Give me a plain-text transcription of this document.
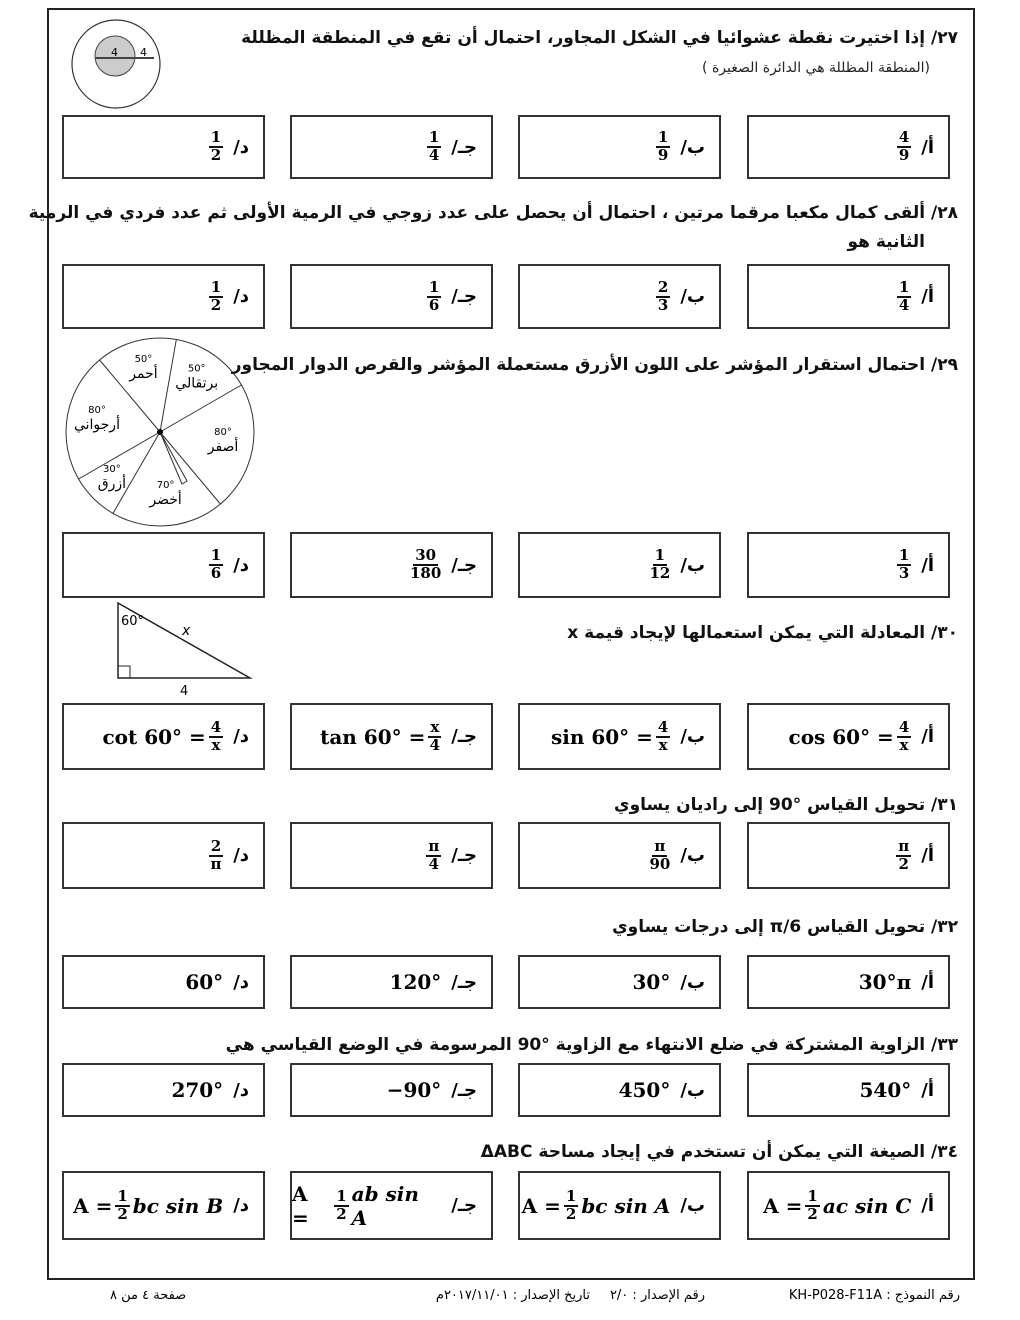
4 4
50°
أحمر	50°
برتقالي
80°
أصفر
70°
أخضر
30°
أزرق
80°
أرجواني
60°
x
4
٢٧/ إذا اختيرت نقطة عشوائيا في الشكل المجاور، احتمال أن تقع في المنطقة المظللة
(المنطقة المظللة هي الدائرة الصغيرة )
أ/
$\frac{4}{9}$
ب/
$\frac{1}{9}$
جـ/
$\frac{1}{4}$
د/
$\frac{1}{2}$
٢٨/ ألقى كمال مكعبا مرقما مرتين ، احتمال أن يحصل على عدد زوجي في الرمية الأولى ثم عدد فردي في الرمية
الثانية هو
أ/
$\frac{1}{4}$
ب/
$\frac{2}{3}$
جـ/
$\frac{1}{6}$
د/
$\frac{1}{2}$
٢٩/ احتمال استقرار المؤشر على اللون الأزرق مستعملة المؤشر والقرص الدوار المجاور
أ/
$\frac{1}{3}$
ب/
$\frac{1}{12}$
جـ/
$\frac{30}{180}$
د/
$\frac{1}{6}$
٣٠/ المعادلة التي يمكن استعمالها لإيجاد قيمة x
أ/
$\cos 60^\circ = \frac{4}{x}$
ب/
$\sin 60^\circ = \frac{4}{x}$
جـ/
$\tan 60^\circ = \frac{x}{4}$
د/
$\cot 60^\circ = \frac{4}{x}$
٣١/ تحويل القياس °90 إلى راديان يساوي
أ/
$\frac{\pi}{2}$
ب/
$\frac{\pi}{90}$
جـ/
$\frac{\pi}{4}$
د/
$\frac{2}{\pi}$
٣٢/ تحويل القياس π/6 إلى درجات يساوي
أ/
30°π
ب/
30°
جـ/
120°
د/
60°
٣٣/ الزاوية المشتركة في ضلع الانتهاء مع الزاوية °90 المرسومة في الوضع القياسي هي
أ/
540°
ب/
450°
جـ/
−90°
د/
270°
٣٤/ الصيغة التي يمكن أن تستخدم في إيجاد مساحة ΔABC
أ/
$A = \frac{1}{2}$ ac sin C
ب/
$A = \frac{1}{2}$ bc sin A
جـ/
A =	$\frac{1}{2}$ ab sin A
د/
$A = \frac{1}{2}$ bc sin B
رقم النموذج : KH-P028-F11A
رقم الإصدار : ٢/٠
تاريخ الإصدار : ٢٠١٧/١١/٠١م
صفحة ٤ من ٨
